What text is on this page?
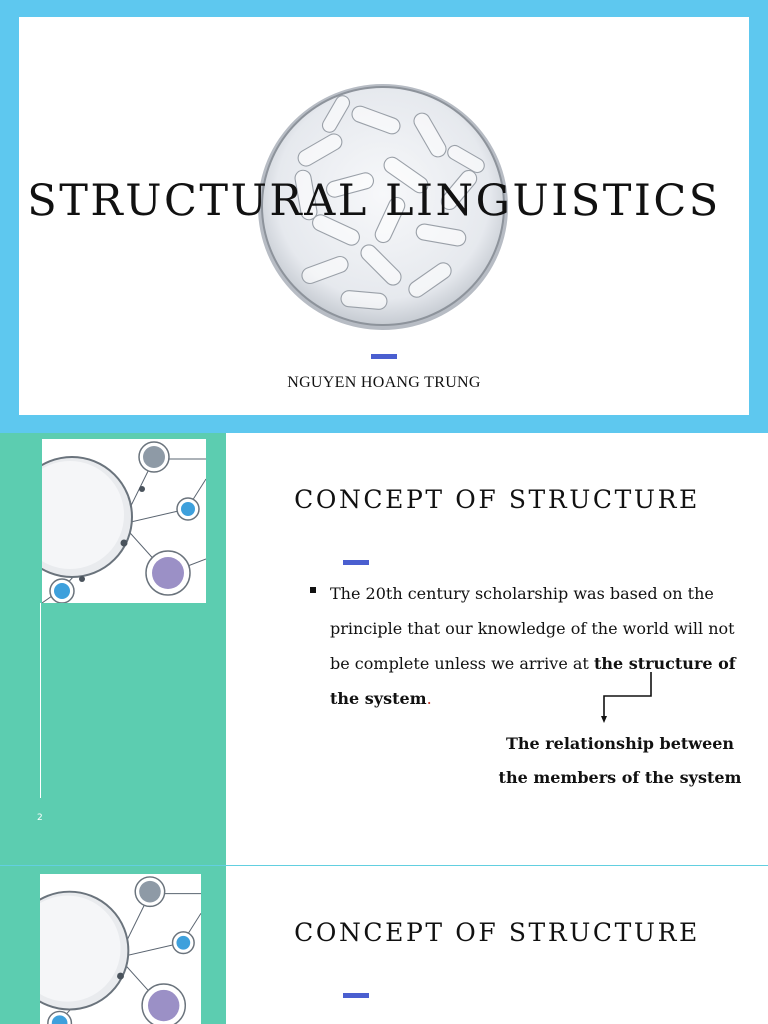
STRUCTURAL LINGUISTICS
NGUYEN HOANG TRUNG
2
CONCEPT OF STRUCTURE
The 20th century scholarship was based on the principle that our knowledge of the world will not be complete unless we arrive at the structure of the system.
The relationship between
the members of the system
CONCEPT OF STRUCTURE
